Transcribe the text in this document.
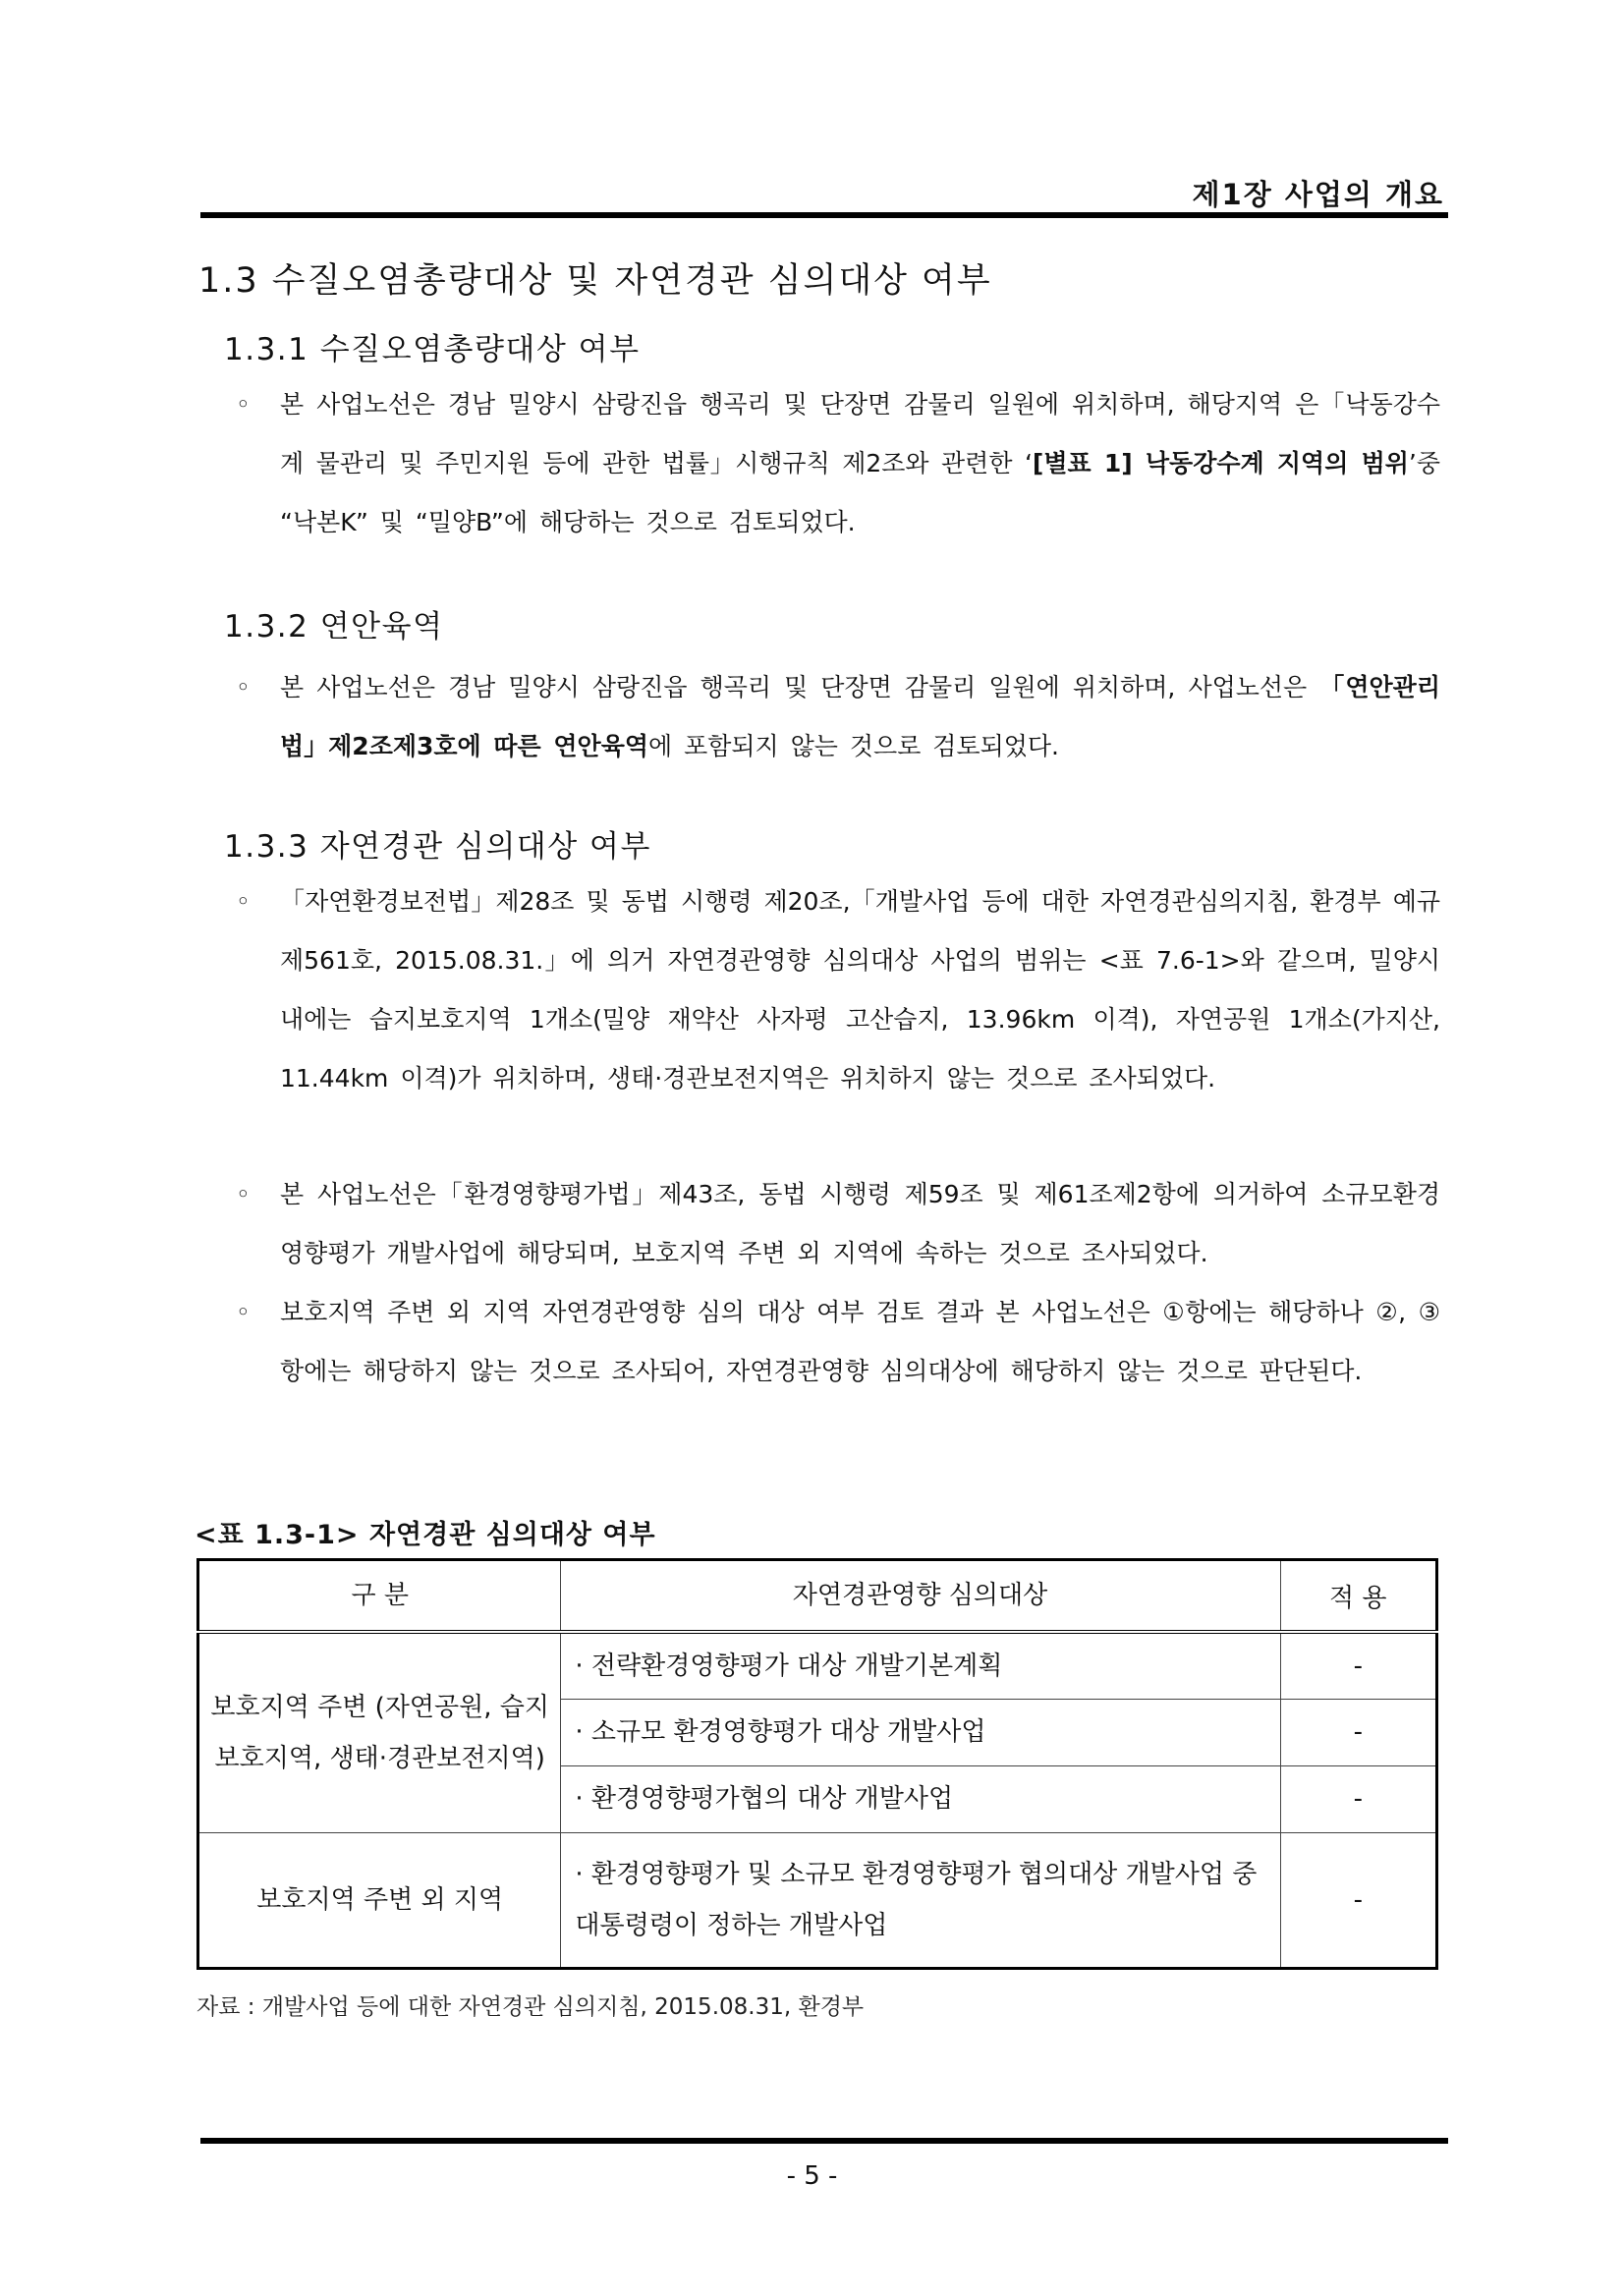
제1장 사업의 개요
1.3 수질오염총량대상 및 자연경관 심의대상 여부
1.3.1 수질오염총량대상 여부
◦	본 사업노선은 경남 밀양시 삼랑진읍 행곡리 및 단장면 감물리 일원에 위치하며, 해당지역 은「낙동강수계 물관리 및 주민지원 등에 관한 법률」시행규칙 제2조와 관련한 ‘[별표 1] 낙동강수계 지역의 범위’중 “낙본K” 및 “밀양B”에 해당하는 것으로 검토되었다.
1.3.2 연안육역
◦	본 사업노선은 경남 밀양시 삼랑진읍 행곡리 및 단장면 감물리 일원에 위치하며, 사업노선은 「연안관리법」제2조제3호에 따른 연안육역에 포함되지 않는 것으로 검토되었다.
1.3.3 자연경관 심의대상 여부
◦	「자연환경보전법」제28조 및 동법 시행령 제20조,「개발사업 등에 대한 자연경관심의지침, 환경부 예규 제561호, 2015.08.31.」에 의거 자연경관영향 심의대상 사업의 범위는 <표 7.6-1>와 같으며, 밀양시 내에는 습지보호지역 1개소(밀양 재약산 사자평 고산습지, 13.96km 이격), 자연공원 1개소(가지산, 11.44km 이격)가 위치하며, 생태·경관보전지역은 위치하지 않는 것으로 조사되었다.
◦	본 사업노선은「환경영향평가법」제43조, 동법 시행령 제59조 및 제61조제2항에 의거하여 소규모환경영향평가 개발사업에 해당되며, 보호지역 주변 외 지역에 속하는 것으로 조사되었다.
◦	보호지역 주변 외 지역 자연경관영향 심의 대상 여부 검토 결과 본 사업노선은 ①항에는 해당하나 ②, ③항에는 해당하지 않는 것으로 조사되어, 자연경관영향 심의대상에 해당하지 않는 것으로 판단된다.
<표 1.3-1> 자연경관 심의대상 여부
구 분	자연경관영향 심의대상	적 용
보호지역 주변 (자연공원, 습지보호지역, 생태·경관보전지역)	· 전략환경영향평가 대상 개발기본계획	-
	· 소규모 환경영향평가 대상 개발사업	-
	· 환경영향평가협의 대상 개발사업	-
보호지역 주변 외 지역	· 환경영향평가 및 소규모 환경영향평가 협의대상 개발사업 중 대통령령이 정하는 개발사업	-
자료 : 개발사업 등에 대한 자연경관 심의지침, 2015.08.31, 환경부
- 5 -
